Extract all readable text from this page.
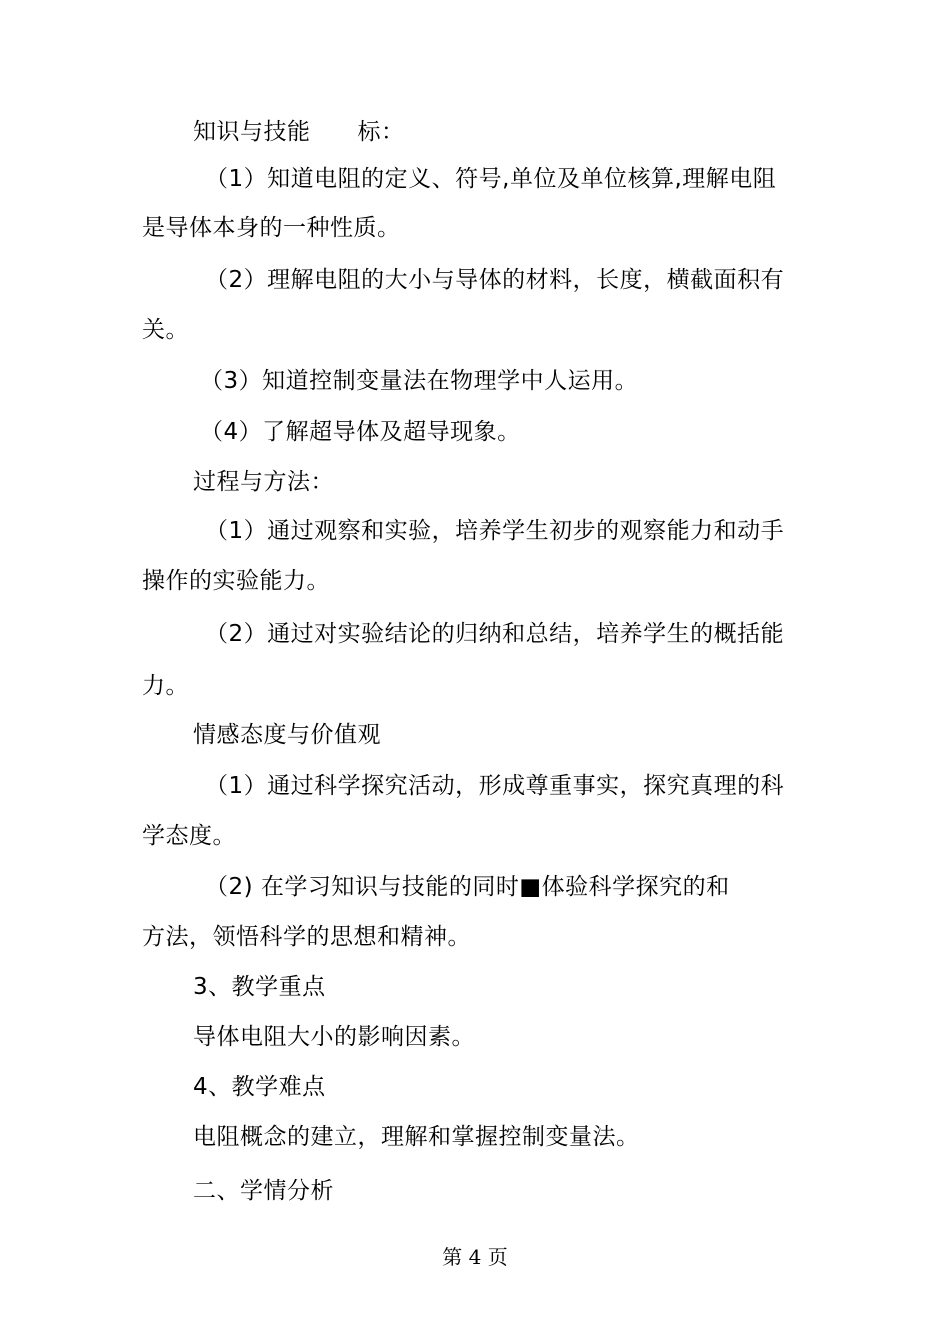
知识与技能　　标：
（1）知道电阻的定义、符号,单位及单位核算,理解电阻
是导体本身的一种性质。
（2）理解电阻的大小与导体的材料，长度，横截面积有
关。
（3）知道控制变量法在物理学中人运用。
（4）了解超导体及超导现象。
过程与方法：
（1）通过观察和实验，培养学生初步的观察能力和动手
操作的实验能力。
（2）通过对实验结论的归纳和总结，培养学生的概括能
力。
情感态度与价值观
（1）通过科学探究活动，形成尊重事实，探究真理的科
学态度。
（2) 在学习知识与技能的同时■体验科学探究的和
方法，领悟科学的思想和精神。
3、教学重点
导体电阻大小的影响因素。
4、教学难点
电阻概念的建立，理解和掌握控制变量法。
二、学情分析
第 4 页
